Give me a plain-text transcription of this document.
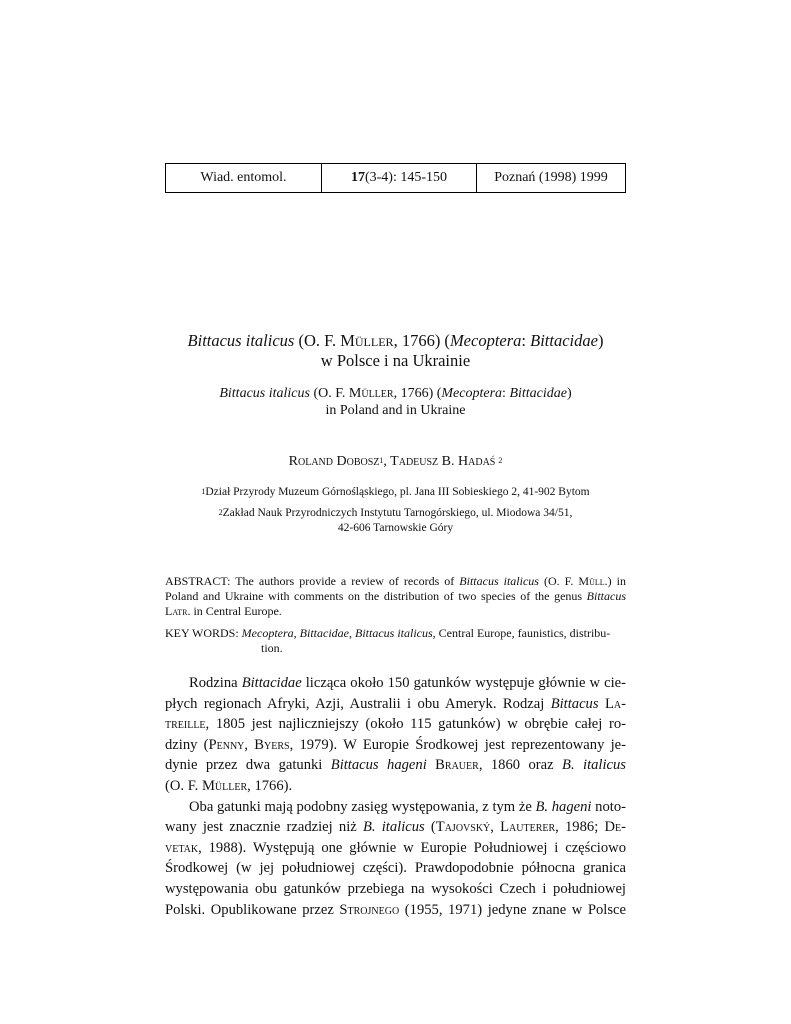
Wiad. entomol.	17 (3-4): 145-150	Poznań (1998) 1999
Bittacus italicus (O. F. Müller, 1766) (Mecoptera: Bittacidae)
w Polsce i na Ukrainie
Bittacus italicus (O. F. Müller, 1766) (Mecoptera: Bittacidae)
in Poland and in Ukraine
Roland Dobosz$^1$, Tadeusz B. Hadaś $^2$
$^1$Dział Przyrody Muzeum Górnośląskiego, pl. Jana III Sobieskiego 2, 41-902 Bytom
$^2$Zakład Nauk Przyrodniczych Instytutu Tarnogórskiego, ul. Miodowa 34/51,
42-606 Tarnowskie Góry
ABSTRACT: The authors provide a review of records of Bittacus italicus (O. F. Müll.) in Poland and Ukraine with comments on the distribution of two species of the genus Bittacus Latr. in Central Europe.
KEY WORDS: Mecoptera, Bittacidae, Bittacus italicus, Central Europe, faunistics, distribu-
tion.
Rodzina Bittacidae licząca około 150 gatunków występuje głównie w cie-
płych regionach Afryki, Azji, Australii i obu Ameryk. Rodzaj Bittacus La-
treille, 1805 jest najliczniejszy (około 115 gatunków) w obrębie całej ro-
dziny (Penny, Byers, 1979). W Europie Środkowej jest reprezentowany je-
dynie przez dwa gatunki Bittacus hageni Brauer, 1860 oraz B. italicus
(O. F. Müller, 1766).
Oba gatunki mają podobny zasięg występowania, z tym że B. hageni noto-
wany jest znacznie rzadziej niż B. italicus (Tajovský, Lauterer, 1986; De-
vetak, 1988). Występują one głównie w Europie Południowej i częściowo
Środkowej (w jej południowej części). Prawdopodobnie północna granica
występowania obu gatunków przebiega na wysokości Czech i południowej
Polski. Opublikowane przez Strojnego (1955, 1971) jedyne znane w Polsce
